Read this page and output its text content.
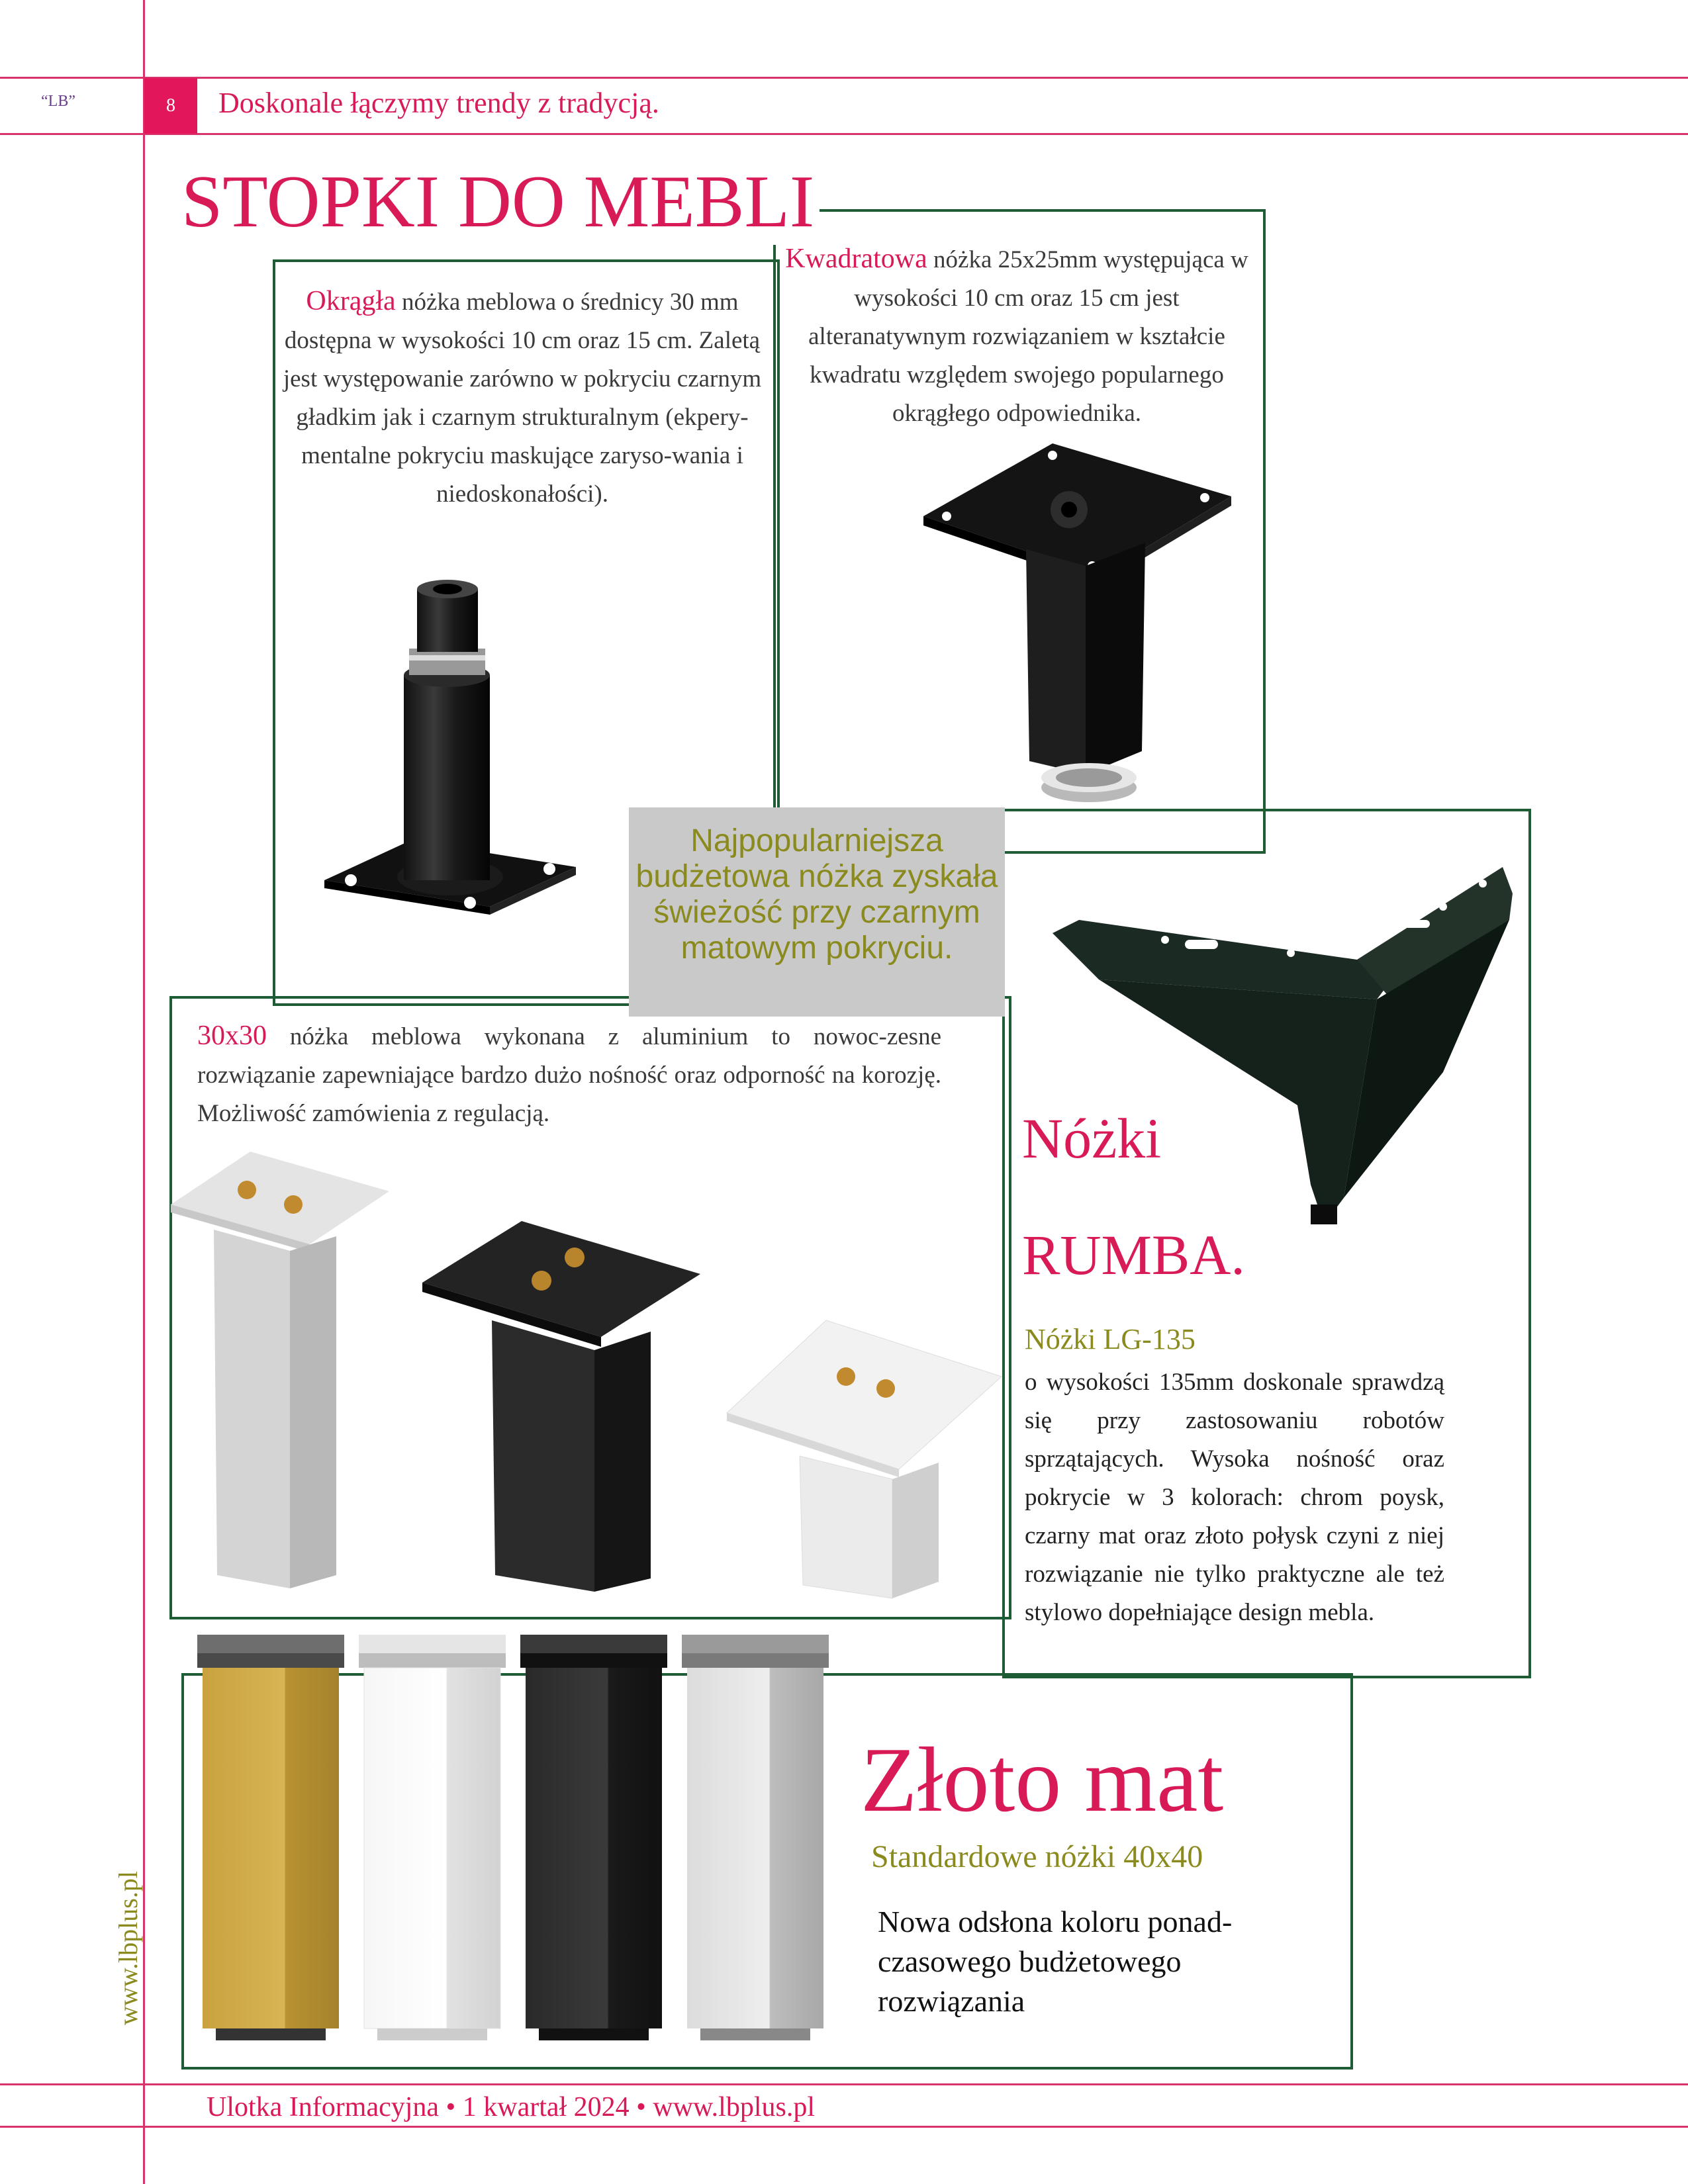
“LB”	8	Doskonale łączymy trendy z tradycją.
STOPKI DO MEBLI
Okrągła nóżka meblowa o średnicy 30 mm dostępna w wysokości 10 cm oraz 15 cm. Zaletą jest występowanie zarówno w pokryciu czarnym gładkim jak i czarnym strukturalnym (ekpery-mentalne pokryciu maskujące zaryso-wania i niedoskonałości).
Kwadratowa nóżka 25x25mm występująca w wysokości 10 cm oraz 15 cm jest alteranatywnym rozwiązaniem w kształcie kwadratu względem swojego popularnego okrągłego odpowiednika.
Najpopularniejsza budżetowa nóżka zyskała świeżość przy czarnym matowym pokryciu.
30x30 nóżka meblowa wykonana z aluminium to nowoc-zesne rozwiązanie zapewniające bardzo dużo nośność oraz odporność na korozję. Możliwość zamówienia z regulacją.	Nóżki
RUMBA.
Nóżki LG-135
o wysokości 135mm doskonale sprawdzą się przy zastosowaniu robotów sprzątających. Wysoka nośność oraz pokrycie w 3 kolorach: chrom poysk, czarny mat oraz złoto połysk czyni z niej rozwiązanie nie tylko praktyczne ale też stylowo dopełniające design mebla.
Złoto mat
Standardowe nóżki 40x40
Nowa odsłona koloru ponad-czasowego budżetowego rozwiązania
www.lbplus.pl
Ulotka Informacyjna • 1 kwartał 2024 • www.lbplus.pl
